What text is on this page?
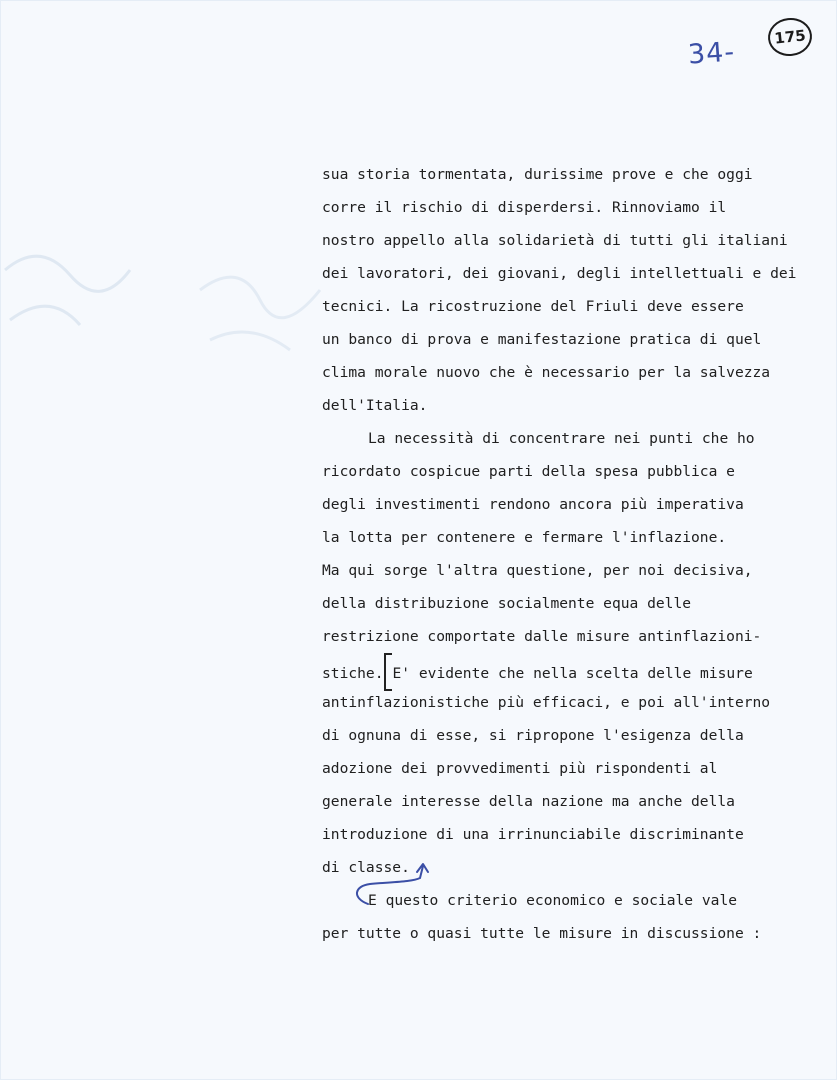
34-	175
sua storia tormentata, durissime prove e che oggi
corre il rischio di disperdersi. Rinnoviamo il
nostro appello alla solidarietà di tutti gli italiani
dei lavoratori, dei giovani, degli intellettuali e dei
tecnici. La ricostruzione del Friuli deve essere
un banco di prova e manifestazione pratica di quel
clima morale nuovo che è necessario per la salvezza
dell'Italia.
La necessità di concentrare nei punti che ho
ricordato cospicue parti della spesa pubblica e
degli investimenti rendono ancora più imperativa
la lotta per contenere e fermare l'inflazione.
Ma qui sorge l'altra questione, per noi decisiva,
della distribuzione socialmente equa delle
restrizione comportate dalle misure antinflazioni-
stiche. E' evidente che nella scelta delle misure
antinflazionistiche più efficaci, e poi all'interno
di ognuna di esse, si ripropone l'esigenza della
adozione dei provvedimenti più rispondenti al
generale interesse della nazione ma anche della
introduzione di una irrinunciabile discriminante
di classe.
E questo criterio economico e sociale vale
per tutte o quasi tutte le misure in discussione :
